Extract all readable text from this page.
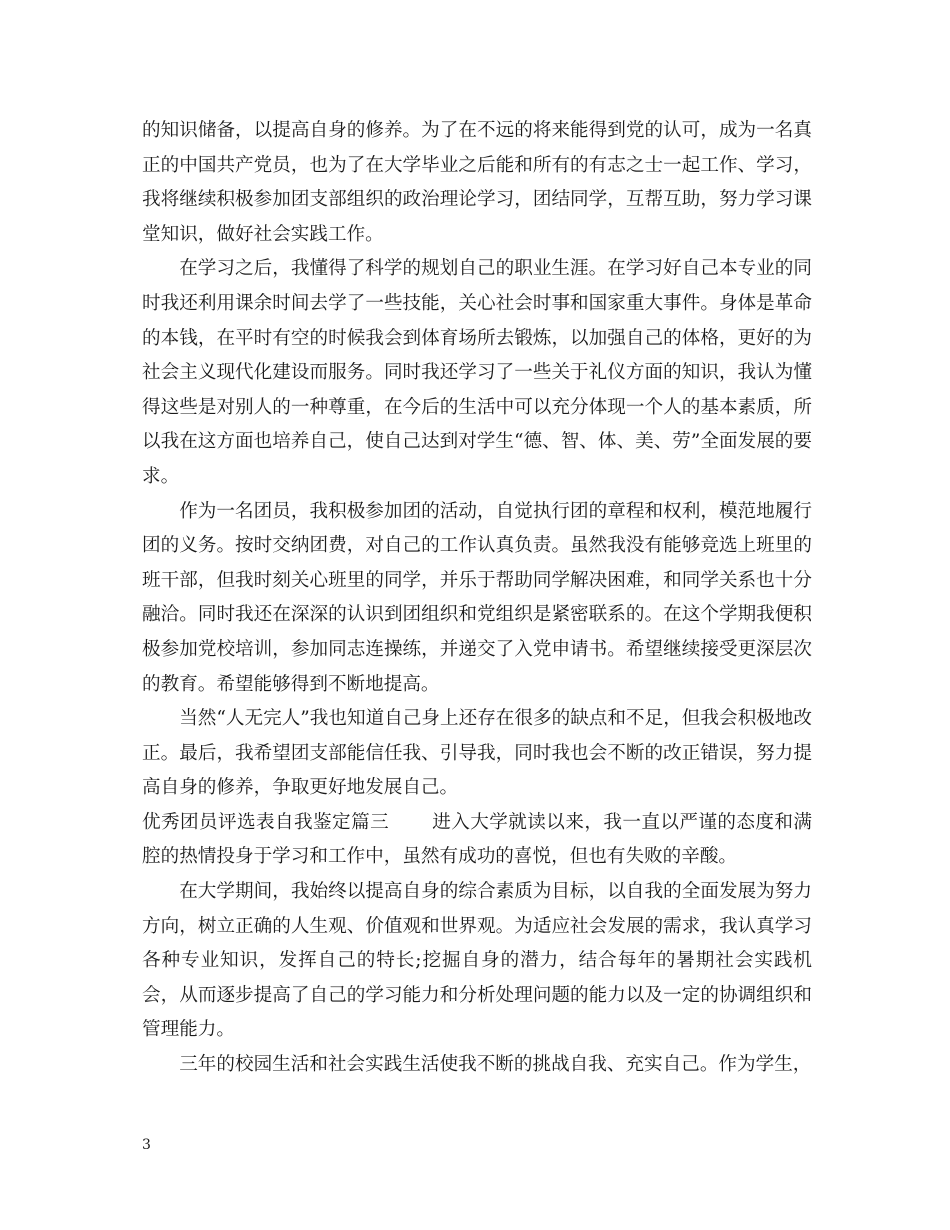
的知识储备，以提高自身的修养。为了在不远的将来能得到党的认可，成为一名真正的中国共产党员，也为了在大学毕业之后能和所有的有志之士一起工作、学习，我将继续积极参加团支部组织的政治理论学习，团结同学，互帮互助，努力学习课堂知识，做好社会实践工作。

在学习之后，我懂得了科学的规划自己的职业生涯。在学习好自己本专业的同时我还利用课余时间去学了一些技能，关心社会时事和国家重大事件。身体是革命的本钱，在平时有空的时候我会到体育场所去锻炼，以加强自己的体格，更好的为社会主义现代化建设而服务。同时我还学习了一些关于礼仪方面的知识，我认为懂得这些是对别人的一种尊重，在今后的生活中可以充分体现一个人的基本素质，所以我在这方面也培养自己，使自己达到对学生“德、智、体、美、劳”全面发展的要求。

作为一名团员，我积极参加团的活动，自觉执行团的章程和权利，模范地履行团的义务。按时交纳团费，对自己的工作认真负责。虽然我没有能够竞选上班里的班干部，但我时刻关心班里的同学，并乐于帮助同学解决困难，和同学关系也十分融洽。同时我还在深深的认识到团组织和党组织是紧密联系的。在这个学期我便积极参加党校培训，参加同志连操练，并递交了入党申请书。希望继续接受更深层次的教育。希望能够得到不断地提高。

当然“人无完人”我也知道自己身上还存在很多的缺点和不足，但我会积极地改正。最后，我希望团支部能信任我、引导我，同时我也会不断的改正错误，努力提高自身的修养，争取更好地发展自己。

优秀团员评选表自我鉴定篇三 进入大学就读以来，我一直以严谨的态度和满腔的热情投身于学习和工作中，虽然有成功的喜悦，但也有失败的辛酸。

在大学期间，我始终以提高自身的综合素质为目标，以自我的全面发展为努力方向，树立正确的人生观、价值观和世界观。为适应社会发展的需求，我认真学习各种专业知识，发挥自己的特长;挖掘自身的潜力，结合每年的暑期社会实践机会，从而逐步提高了自己的学习能力和分析处理问题的能力以及一定的协调组织和管理能力。

三年的校园生活和社会实践生活使我不断的挑战自我、充实自己。作为学生，

3
